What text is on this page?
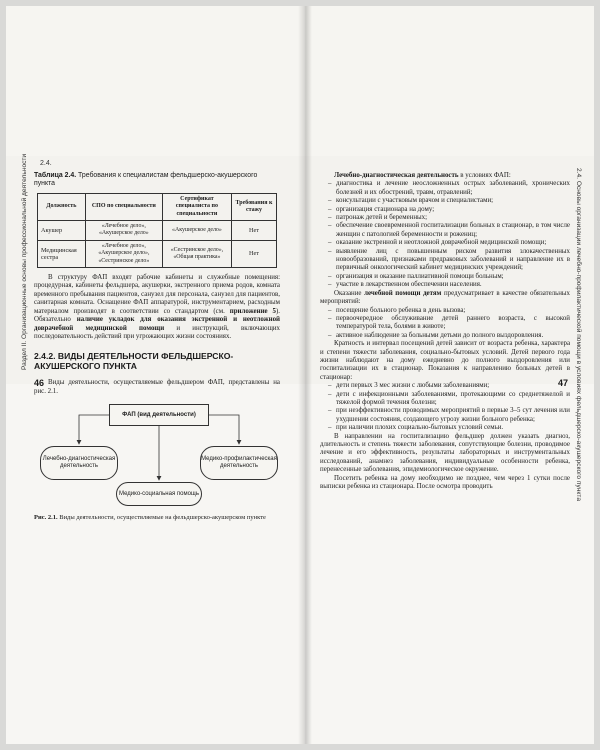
2.4.
Раздел II. Организационные основы профессиональной деятельности	2.4. Основы организации лечебно-профилактической помощи в условиях фельдшерско-акушерского пункта
Таблица 2.4. Требования к специалистам фельдшерско-акушерского пункта
Должность	СПО по специальности	Сертификат специалиста по специальности	Требования к стажу
Акушер	«Лечебное дело», «Акушерское дело»	«Акушерское дело»	Нет
Медицинская сестра	«Лечебное дело», «Акушерское дело», «Сестринское дело»	«Сестринское дело», «Общая практика»	Нет

В структуру ФАП входят рабочие кабинеты и служебные помещения: процедурная, кабинеты фельдшера, акушерки, экстренного приема родов, комната временного пребывания пациентов, санузел для персонала, санузел для пациентов, санитарная комната. Оснащение ФАП аппаратурой, инструментарием, расходным материалом производят в соответствии со стандартом (см. приложение 5). Обязательно наличие укладок для оказания экстренной и неотложной доврачебной медицинской помощи и инструкций, включающих последовательность действий при угрожающих жизни состояниях.

2.4.2. ВИДЫ ДЕЯТЕЛЬНОСТИ ФЕЛЬДШЕРСКО-АКУШЕРСКОГО ПУНКТА

Виды деятельности, осуществляемые фельдшером ФАП, представлены на рис. 2.1.

ФАП (вид деятельности)
Лечебно-диагностическая деятельность
Медико-профилактическая деятельность
Медико-социальная помощь
Рис. 2.1. Виды деятельности, осуществляемые на фельдшерско-акушерском пункте
46

Лечебно-диагностическая деятельность в условиях ФАП:

– диагностика и лечение неосложненных острых заболеваний, хронических болезней и их обострений, травм, отравлений;
– консультации с участковым врачом и специалистами;
– организация стационара на дому;
– патронаж детей и беременных;
– обеспечение своевременной госпитализации больных в стационар, в том числе женщин с патологией беременности и рожениц;
– оказание экстренной и неотложной доврачебной медицинской помощи;
– выявление лиц с повышенным риском развития злокачественных новообразований, признаками предраковых заболеваний и направление их в первичный онкологический кабинет медицинских учреждений;
– организация и оказание паллиативной помощи больным;
– участие в лекарственном обеспечении населения.

Оказание лечебной помощи детям предусматривает в качестве обязательных мероприятий:

– посещение больного ребенка в день вызова;
– первоочередное обслуживание детей раннего возраста, с высокой температурой тела, болями в животе;
– активное наблюдение за больными детьми до полного выздоровления.

Кратность и интервал посещений детей зависит от возраста ребенка, характера и степени тяжести заболевания, социально-бытовых условий. Детей первого года жизни наблюдают на дому ежедневно до полного выздоровления или госпитализации их в стационар. Показания к направлению больных детей в стационар:

– дети первых 3 мес жизни с любыми заболеваниями;
– дети с инфекционными заболеваниями, протекающими со среднетяжелой и тяжелой формой течения болезни;
– при неэффективности проводимых мероприятий в первые 3–5 сут лечения или ухудшении состояния, создающего угрозу жизни больного ребенка;
– при наличии плохих социально-бытовых условий семьи.

В направлении на госпитализацию фельдшер должен указать диагноз, длительность и степень тяжести заболевания, сопутствующие болезни, проводимое лечение и его эффективность, результаты лабораторных и инструментальных исследований, анамнез заболевания, индивидуальные особенности ребенка, перенесенные заболевания, эпидемиологическое окружение.

Посетить ребенка на дому необходимо не позднее, чем через 1 сутки после выписки ребенка из стационара. После осмотра проводить

47
